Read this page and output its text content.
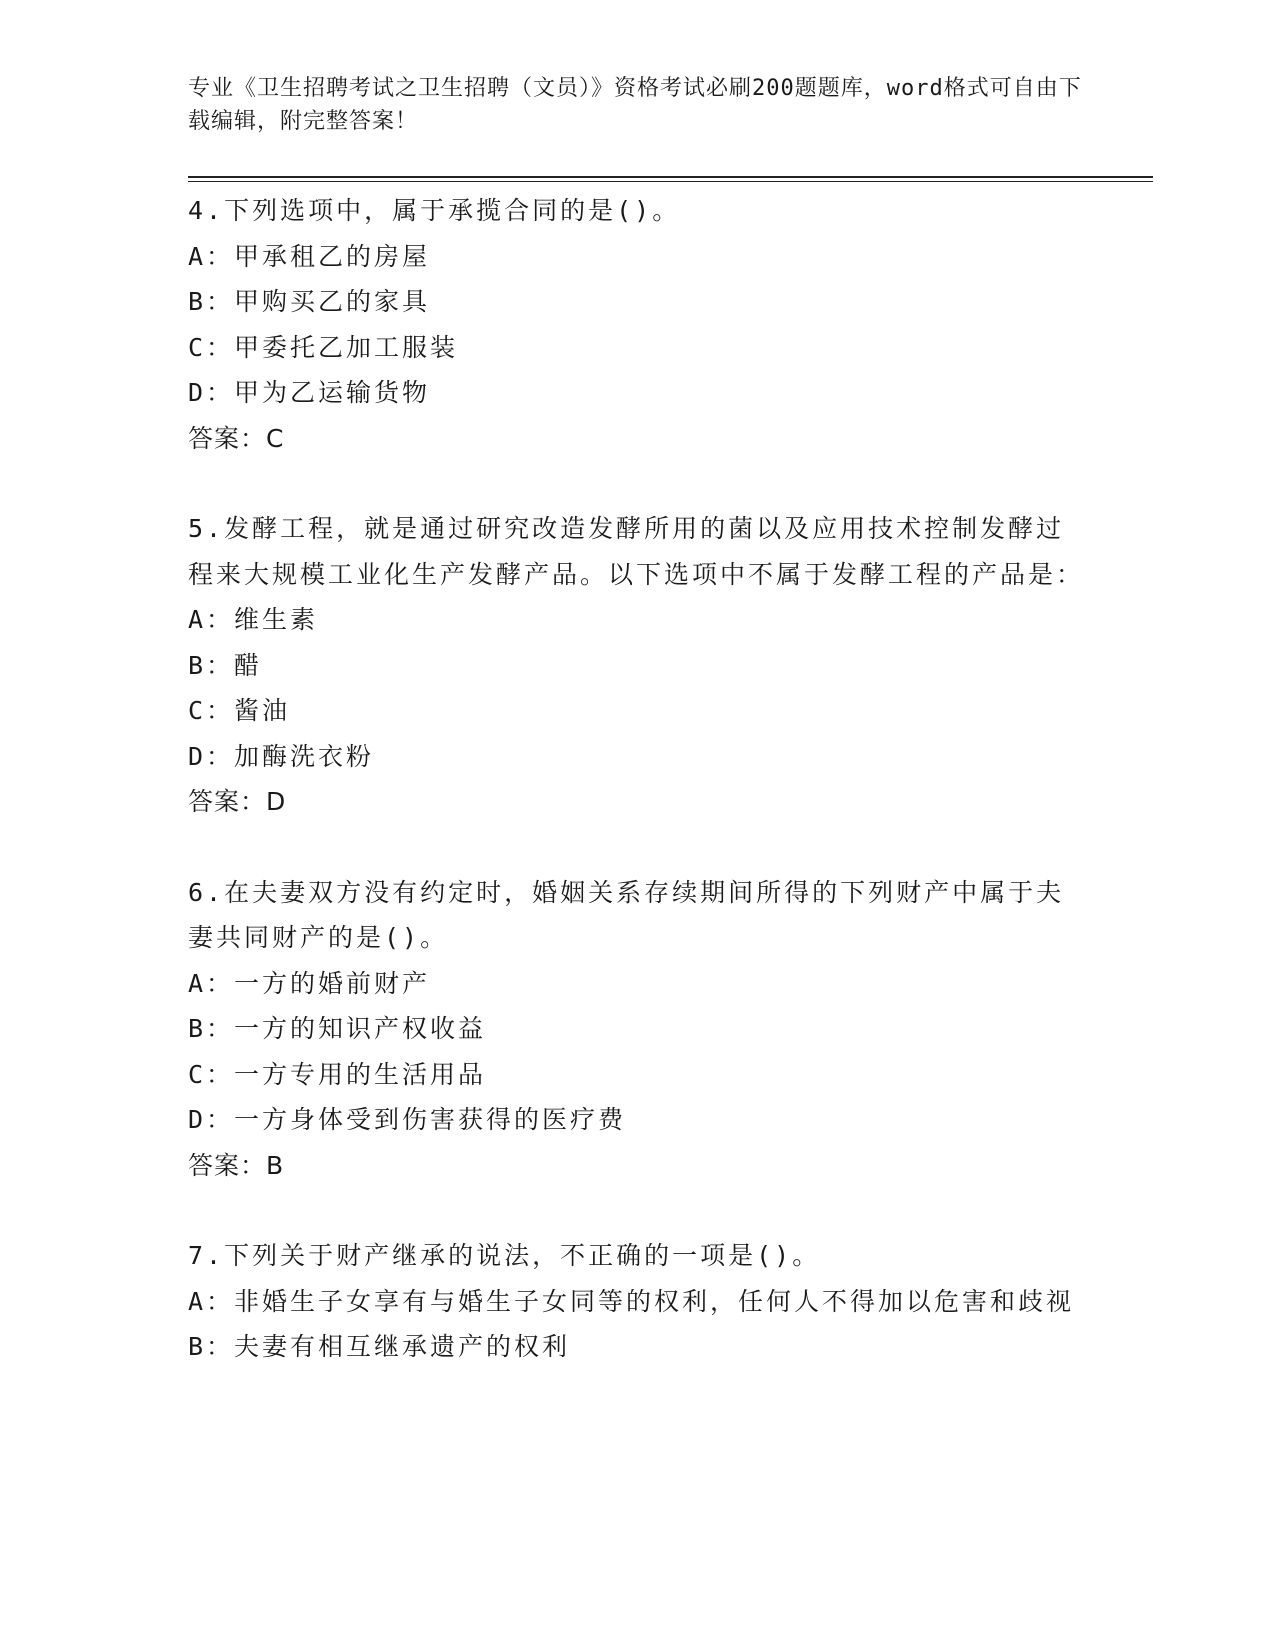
专业《卫生招聘考试之卫生招聘（文员）》资格考试必刷200题题库，word格式可自由下载编辑，附完整答案！
4.下列选项中，属于承揽合同的是()。
A：甲承租乙的房屋
B：甲购买乙的家具
C：甲委托乙加工服装
D：甲为乙运输货物
答案：C
5.发酵工程，就是通过研究改造发酵所用的菌以及应用技术控制发酵过程来大规模工业化生产发酵产品。以下选项中不属于发酵工程的产品是：
A：维生素
B：醋
C：酱油
D：加酶洗衣粉
答案：D
6.在夫妻双方没有约定时，婚姻关系存续期间所得的下列财产中属于夫妻共同财产的是()。
A：一方的婚前财产
B：一方的知识产权收益
C：一方专用的生活用品
D：一方身体受到伤害获得的医疗费
答案：B
7.下列关于财产继承的说法，不正确的一项是()。
A：非婚生子女享有与婚生子女同等的权利，任何人不得加以危害和歧视
B：夫妻有相互继承遗产的权利
